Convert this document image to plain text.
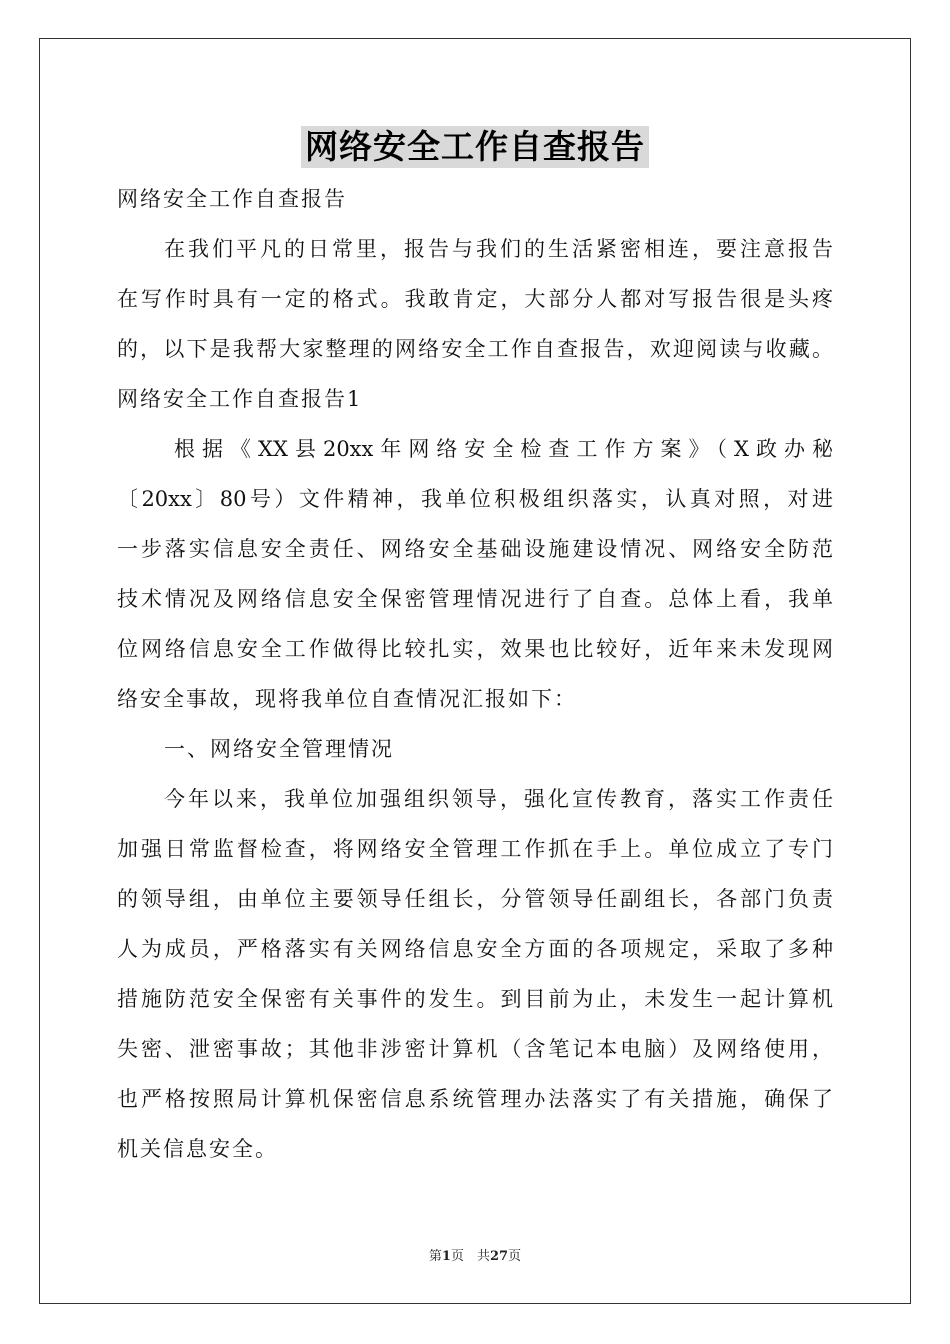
网络安全工作自查报告
网络安全工作自查报告
在我们平凡的日常里，报告与我们的生活紧密相连，要注意报告
在写作时具有一定的格式。我敢肯定，大部分人都对写报告很是头疼
的，以下是我帮大家整理的网络安全工作自查报告，欢迎阅读与收藏。
网络安全工作自查报告1
根据《XX县20xx年网络安全检查工作方案》（X政办秘
〔20xx〕80号）文件精神，我单位积极组织落实，认真对照，对进
一步落实信息安全责任、网络安全基础设施建设情况、网络安全防范
技术情况及网络信息安全保密管理情况进行了自查。总体上看，我单
位网络信息安全工作做得比较扎实，效果也比较好，近年来未发现网
络安全事故，现将我单位自查情况汇报如下：
一、网络安全管理情况
今年以来，我单位加强组织领导，强化宣传教育，落实工作责任
加强日常监督检查，将网络安全管理工作抓在手上。单位成立了专门
的领导组，由单位主要领导任组长，分管领导任副组长，各部门负责
人为成员，严格落实有关网络信息安全方面的各项规定，采取了多种
措施防范安全保密有关事件的发生。到目前为止，未发生一起计算机
失密、泄密事故；其他非涉密计算机（含笔记本电脑）及网络使用，
也严格按照局计算机保密信息系统管理办法落实了有关措施，确保了
机关信息安全。
第1页　共27页
